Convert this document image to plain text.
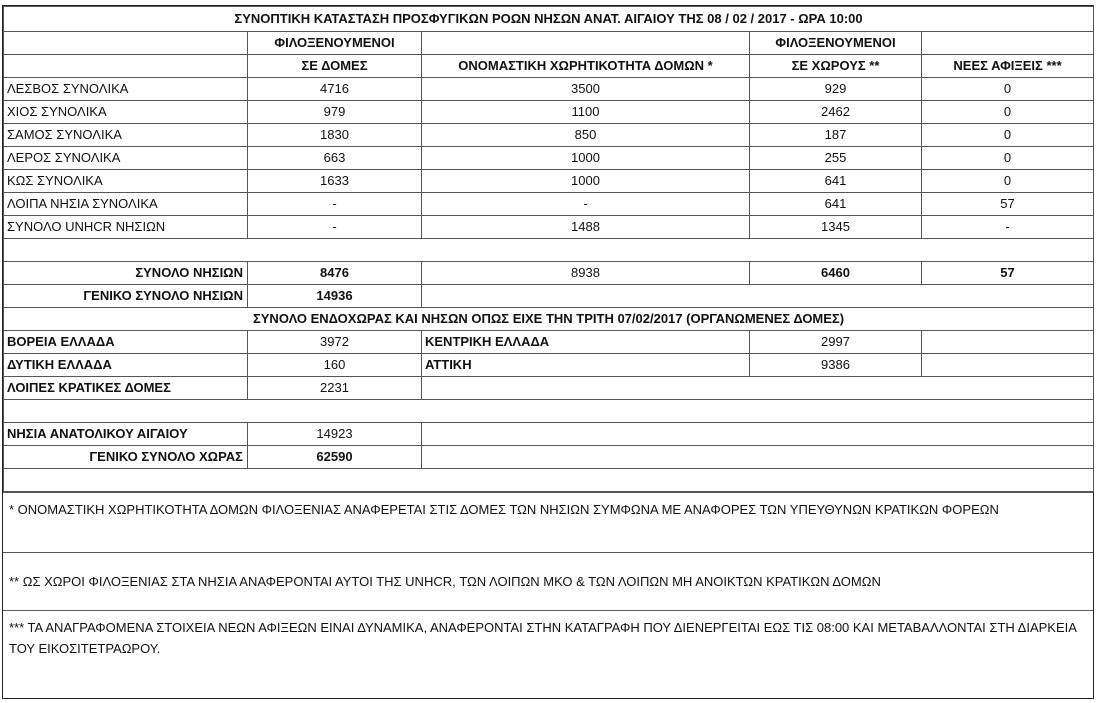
ΣΥΝΟΠΤΙΚΗ ΚΑΤΑΣΤΑΣΗ ΠΡΟΣΦΥΓΙΚΩΝ ΡΟΩΝ ΝΗΣΩΝ ΑΝΑΤ. ΑΙΓΑΙΟΥ ΤΗΣ 08 / 02 / 2017 - ΩΡΑ 10:00				
	ΦΙΛΟΞΕΝΟΥΜΕΝΟΙ		ΦΙΛΟΞΕΝΟΥΜΕΝΟΙ	
	ΣΕ ΔΟΜΕΣ	ΟΝΟΜΑΣΤΙΚΗ ΧΩΡΗΤΙΚΟΤΗΤΑ ΔΟΜΩΝ *	ΣΕ ΧΩΡΟΥΣ **	ΝΕΕΣ ΑΦΙΞΕΙΣ ***
ΛΕΣΒΟΣ ΣΥΝΟΛΙΚΑ	4716	3500	929	0
ΧΙΟΣ ΣΥΝΟΛΙΚΑ	979	1100	2462	0
ΣΑΜΟΣ ΣΥΝΟΛΙΚΑ	1830	850	187	0
ΛΕΡΟΣ ΣΥΝΟΛΙΚΑ	663	1000	255	0
ΚΩΣ ΣΥΝΟΛΙΚΑ	1633	1000	641	0
ΛΟΙΠΑ ΝΗΣΙΑ ΣΥΝΟΛΙΚΑ	-	-	641	57
ΣΥΝΟΛΟ UNHCR ΝΗΣΙΩΝ	-	1488	1345	-

ΣΥΝΟΛΟ ΝΗΣΙΩΝ	8476	8938	6460	57
ΓΕΝΙΚΟ ΣΥΝΟΛΟ ΝΗΣΙΩΝ	14936			
ΣΥΝΟΛΟ ΕΝΔΟΧΩΡΑΣ ΚΑΙ ΝΗΣΩΝ ΟΠΩΣ ΕΙΧΕ ΤΗΝ ΤΡΙΤΗ 07/02/2017 (ΟΡΓΑΝΩΜΕΝΕΣ ΔΟΜΕΣ)				
ΒΟΡΕΙΑ ΕΛΛΑΔΑ	3972	ΚΕΝΤΡΙΚΗ ΕΛΛΑΔΑ	2997	
ΔΥΤΙΚΗ ΕΛΛΑΔΑ	160	ΑΤΤΙΚΗ	9386	
ΛΟΙΠΕΣ ΚΡΑΤΙΚΕΣ ΔΟΜΕΣ	2231			

ΝΗΣΙΑ ΑΝΑΤΟΛΙΚΟΥ ΑΙΓΑΙΟΥ	14923			
ΓΕΝΙΚΟ ΣΥΝΟΛΟ ΧΩΡΑΣ	62590			

* ΟΝΟΜΑΣΤΙΚΗ ΧΩΡΗΤΙΚΟΤΗΤΑ ΔΟΜΩΝ ΦΙΛΟΞΕΝΙΑΣ ΑΝΑΦΕΡΕΤΑΙ ΣΤΙΣ ΔΟΜΕΣ ΤΩΝ ΝΗΣΙΩΝ ΣΥΜΦΩΝΑ ΜΕ ΑΝΑΦΟΡΕΣ ΤΩΝ ΥΠΕΥΘΥΝΩΝ ΚΡΑΤΙΚΩΝ ΦΟΡΕΩΝ
** ΩΣ ΧΩΡΟΙ ΦΙΛΟΞΕΝΙΑΣ ΣΤΑ ΝΗΣΙΑ ΑΝΑΦΕΡΟΝΤΑΙ ΑΥΤΟΙ ΤΗΣ UNHCR, ΤΩΝ ΛΟΙΠΩΝ ΜΚΟ & ΤΩΝ ΛΟΙΠΩΝ ΜΗ ΑΝΟΙΚΤΩΝ ΚΡΑΤΙΚΩΝ ΔΟΜΩΝ
*** ΤΑ ΑΝΑΓΡΑΦΟΜΕΝΑ ΣΤΟΙΧΕΙΑ ΝΕΩΝ ΑΦΙΞΕΩΝ ΕΙΝΑΙ ΔΥΝΑΜΙΚΑ, ΑΝΑΦΕΡΟΝΤΑΙ ΣΤΗΝ ΚΑΤΑΓΡΑΦΗ ΠΟΥ ΔΙΕΝΕΡΓΕΙΤΑΙ ΕΩΣ ΤΙΣ 08:00 ΚΑΙ ΜΕΤΑΒΑΛΛΟΝΤΑΙ ΣΤΗ ΔΙΑΡΚΕΙΑ ΤΟΥ ΕΙΚΟΣΙΤΕΤΡΑΩΡΟΥ.
